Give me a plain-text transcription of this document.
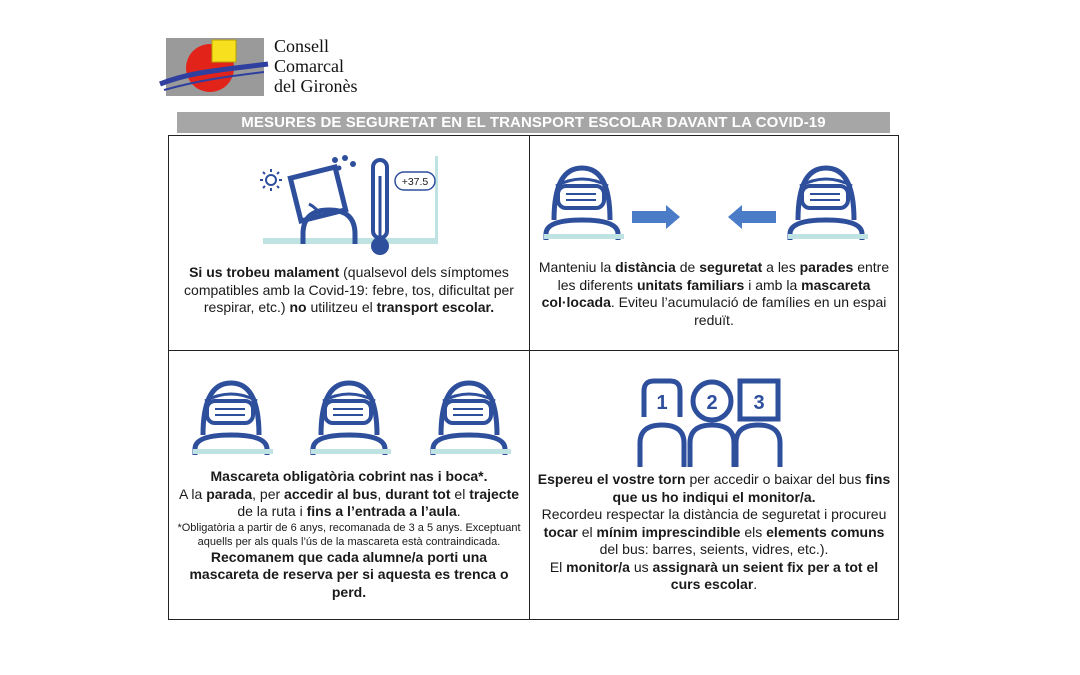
Consell
Comarcal
del Gironès
MESURES DE SEGURETAT EN EL TRANSPORT ESCOLAR DAVANT LA COVID-19
+37.5
Si us trobeu malament (qualsevol dels símptomes compatibles amb la Covid-19: febre, tos, dificultat per respirar, etc.) no utilitzeu el transport escolar.
Manteniu la distància de seguretat a les parades entre les diferents unitats familiars i amb la mascareta col·locada. Eviteu l’acumulació de famílies en un espai reduït.
Mascareta obligatòria cobrint nas i boca*.
A la parada, per accedir al bus, durant tot el trajecte de la ruta i fins a l’entrada a l’aula.
*Obligatòria a partir de 6 anys, recomanada de 3 a 5 anys. Exceptuant aquells per als quals l’ús de la mascareta està contraindicada.
Recomanem que cada alumne/a porti una mascareta de reserva per si aquesta es trenca o perd.
1 2 3
Espereu el vostre torn per accedir o baixar del bus fins que us ho indiqui el monitor/a.
Recordeu respectar la distància de seguretat i procureu tocar el mínim imprescindible els elements comuns del bus: barres, seients, vidres, etc.).
El monitor/a us assignarà un seient fix per a tot el curs escolar.
